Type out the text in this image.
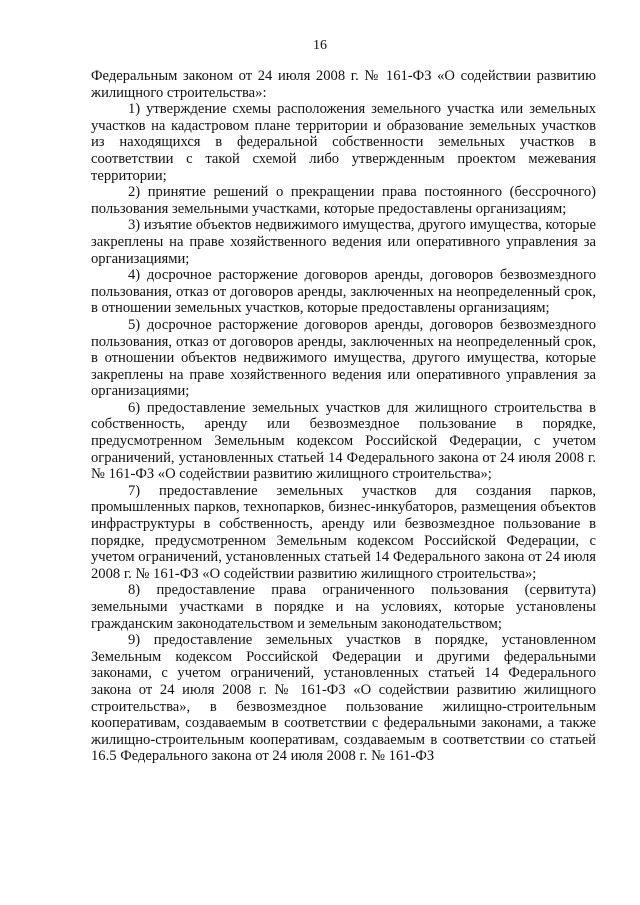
16

Федеральным законом от 24 июля 2008 г. № 161-ФЗ «О содействии развитию жилищного строительства»:

1) утверждение схемы расположения земельного участка или земельных участков на кадастровом плане территории и образование земельных участков из находящихся в федеральной собственности земельных участков в соответствии с такой схемой либо утвержденным проектом межевания территории;

2) принятие решений о прекращении права постоянного (бессрочного) пользования земельными участками, которые предоставлены организациям;

3) изъятие объектов недвижимого имущества, другого имущества, которые закреплены на праве хозяйственного ведения или оперативного управления за организациями;

4) досрочное расторжение договоров аренды, договоров безвозмездного пользования, отказ от договоров аренды, заключенных на неопределенный срок, в отношении земельных участков, которые предоставлены организациям;

5) досрочное расторжение договоров аренды, договоров безвозмездного пользования, отказ от договоров аренды, заключенных на неопределенный срок, в отношении объектов недвижимого имущества, другого имущества, которые закреплены на праве хозяйственного ведения или оперативного управления за организациями;

6) предоставление земельных участков для жилищного строительства в собственность, аренду или безвозмездное пользование в порядке, предусмотренном Земельным кодексом Российской Федерации, с учетом ограничений, установленных статьей 14 Федерального закона от 24 июля 2008 г. № 161-ФЗ «О содействии развитию жилищного строительства»;

7) предоставление земельных участков для создания парков, промышленных парков, технопарков, бизнес-инкубаторов, размещения объектов инфраструктуры в собственность, аренду или безвозмездное пользование в порядке, предусмотренном Земельным кодексом Российской Федерации, с учетом ограничений, установленных статьей 14 Федерального закона от 24 июля 2008 г. № 161-ФЗ «О содействии развитию жилищного строительства»;

8) предоставление права ограниченного пользования (сервитута) земельными участками в порядке и на условиях, которые установлены гражданским законодательством и земельным законодательством;

9) предоставление земельных участков в порядке, установленном Земельным кодексом Российской Федерации и другими федеральными законами, с учетом ограничений, установленных статьей 14 Федерального закона от 24 июля 2008 г. № 161-ФЗ «О содействии развитию жилищного строительства», в безвозмездное пользование жилищно-строительным кооперативам, создаваемым в соответствии с федеральными законами, а также жилищно-строительным кооперативам, создаваемым в соответствии со статьей 16.5 Федерального закона от 24 июля 2008 г. № 161-ФЗ
